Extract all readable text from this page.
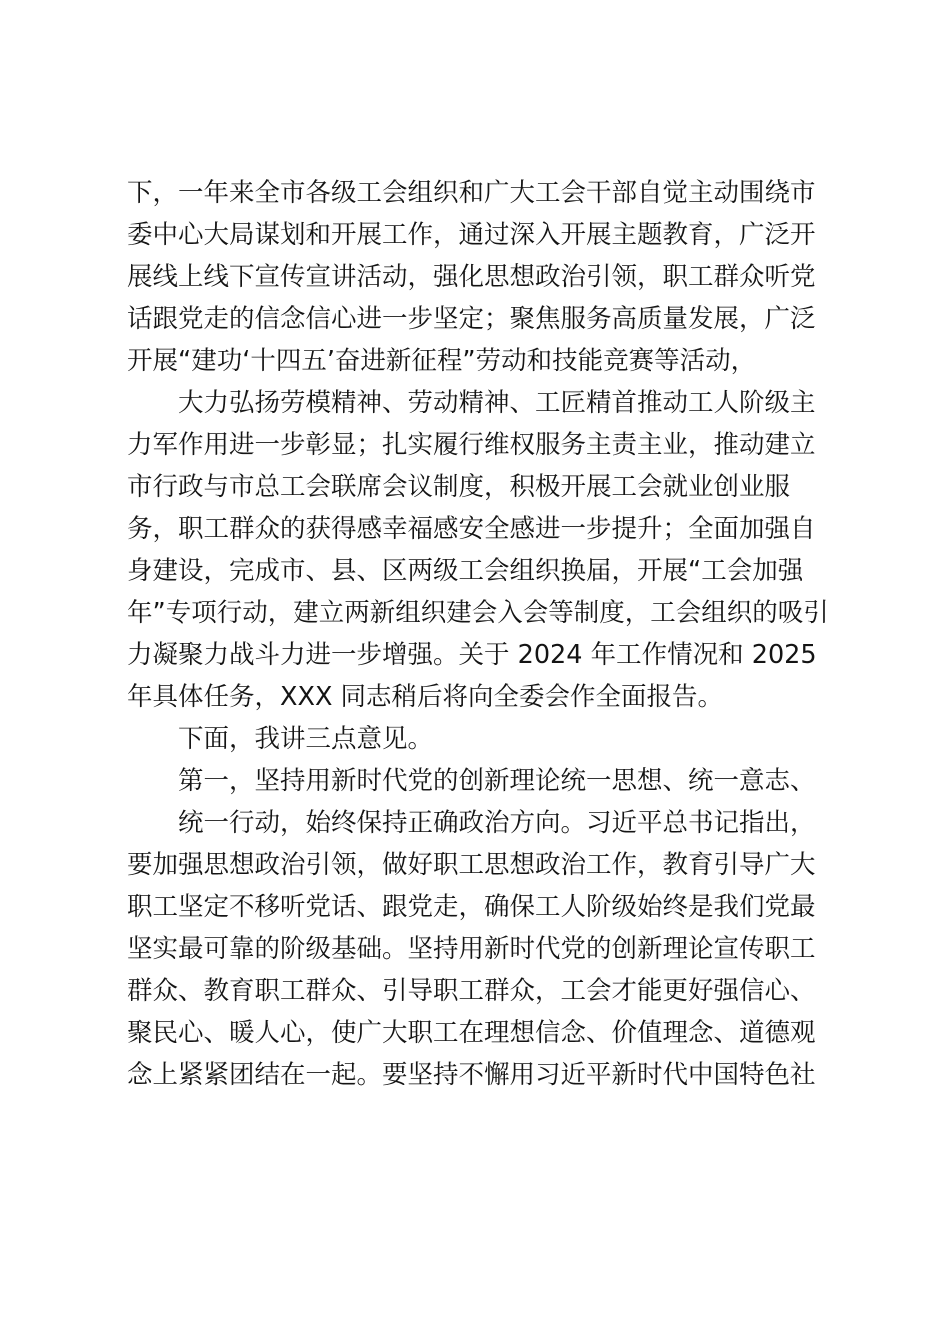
下，一年来全市各级工会组织和广大工会干部自觉主动围绕市
委中心大局谋划和开展工作，通过深入开展主题教育，广泛开
展线上线下宣传宣讲活动，强化思想政治引领，职工群众听党
话跟党走的信念信心进一步坚定；聚焦服务高质量发展，广泛
开展“建功‘十四五’奋进新征程”劳动和技能竞赛等活动，
大力弘扬劳模精神、劳动精神、工匠精首推动工人阶级主
力军作用进一步彰显；扎实履行维权服务主责主业，推动建立
市行政与市总工会联席会议制度，积极开展工会就业创业服
务，职工群众的获得感幸福感安全感进一步提升；全面加强自
身建设，完成市、县、区两级工会组织换届，开展“工会加强
年”专项行动，建立两新组织建会入会等制度，工会组织的吸引
力凝聚力战斗力进一步增强。关于 2024 年工作情况和 2025
年具体任务，XXX 同志稍后将向全委会作全面报告。
下面，我讲三点意见。
第一，坚持用新时代党的创新理论统一思想、统一意志、
统一行动，始终保持正确政治方向。习近平总书记指出，
要加强思想政治引领，做好职工思想政治工作，教育引导广大
职工坚定不移听党话、跟党走，确保工人阶级始终是我们党最
坚实最可靠的阶级基础。坚持用新时代党的创新理论宣传职工
群众、教育职工群众、引导职工群众，工会才能更好强信心、
聚民心、暖人心，使广大职工在理想信念、价值理念、道德观
念上紧紧团结在一起。要坚持不懈用习近平新时代中国特色社
